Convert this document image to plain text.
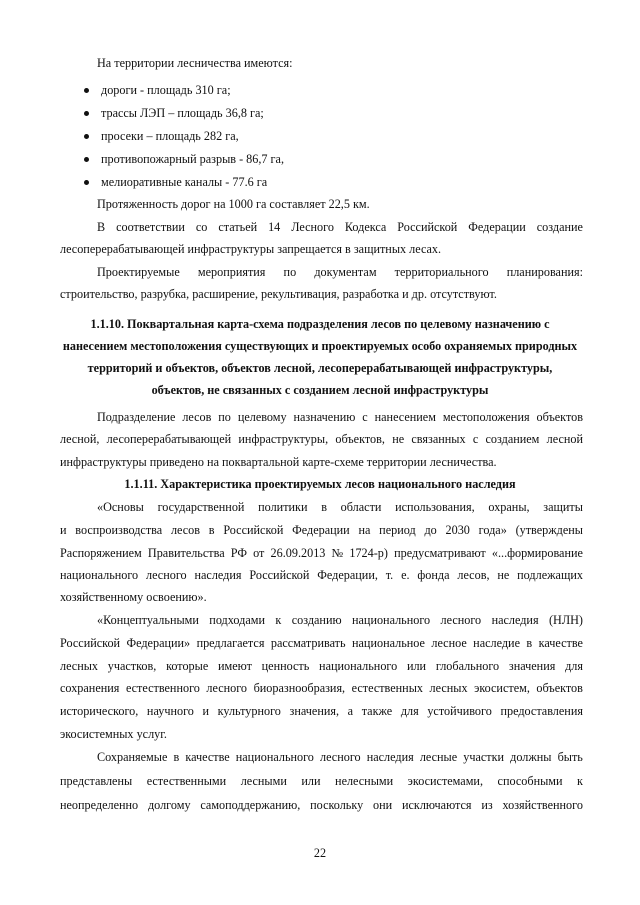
На территории лесничества имеются:
дороги - площадь 310 га;
трассы ЛЭП – площадь 36,8 га;
просеки – площадь 282 га,
противопожарный разрыв - 86,7 га,
мелиоративные каналы - 77.6 га
Протяженность дорог на 1000 га составляет 22,5 км.
В соответствии со статьей 14 Лесного Кодекса Российской Федерации создание
лесоперерабатывающей инфраструктуры запрещается в защитных лесах.
Проектируемые мероприятия по документам территориального планирования:
строительство, разрубка, расширение, рекультивация, разработка и др. отсутствуют.
1.1.10. Поквартальная карта-схема подразделения лесов по целевому назначению с
нанесением местоположения существующих и проектируемых особо охраняемых природных
территорий и объектов, объектов лесной, лесоперерабатывающей инфраструктуры,
объектов, не связанных с созданием лесной инфраструктуры
Подразделение лесов по целевому назначению с нанесением местоположения объектов
лесной, лесоперерабатывающей инфраструктуры, объектов, не связанных с созданием лесной
инфраструктуры приведено на поквартальной карте-схеме территории лесничества.
1.1.11. Характеристика проектируемых лесов национального наследия
«Основы государственной политики в области использования, охраны, защиты
и воспроизводства лесов в Российской Федерации на период до 2030 года» (утверждены
Распоряжением Правительства РФ от 26.09.2013 № 1724-р) предусматривают «...формирование
национального лесного наследия Российской Федерации, т. е. фонда лесов, не подлежащих
хозяйственному освоению».
«Концептуальными подходами к созданию национального лесного наследия (НЛН)
Российской Федерации» предлагается рассматривать национальное лесное наследие в качестве
лесных участков, которые имеют ценность национального или глобального значения для
сохранения естественного лесного биоразнообразия, естественных лесных экосистем, объектов
исторического, научного и культурного значения, а также для устойчивого предоставления
экосистемных услуг.
Сохраняемые в качестве национального лесного наследия лесные участки должны быть
представлены естественными лесными или нелесными экосистемами, способными к
неопределенно долгому самоподдержанию, поскольку они исключаются из хозяйственного
22
